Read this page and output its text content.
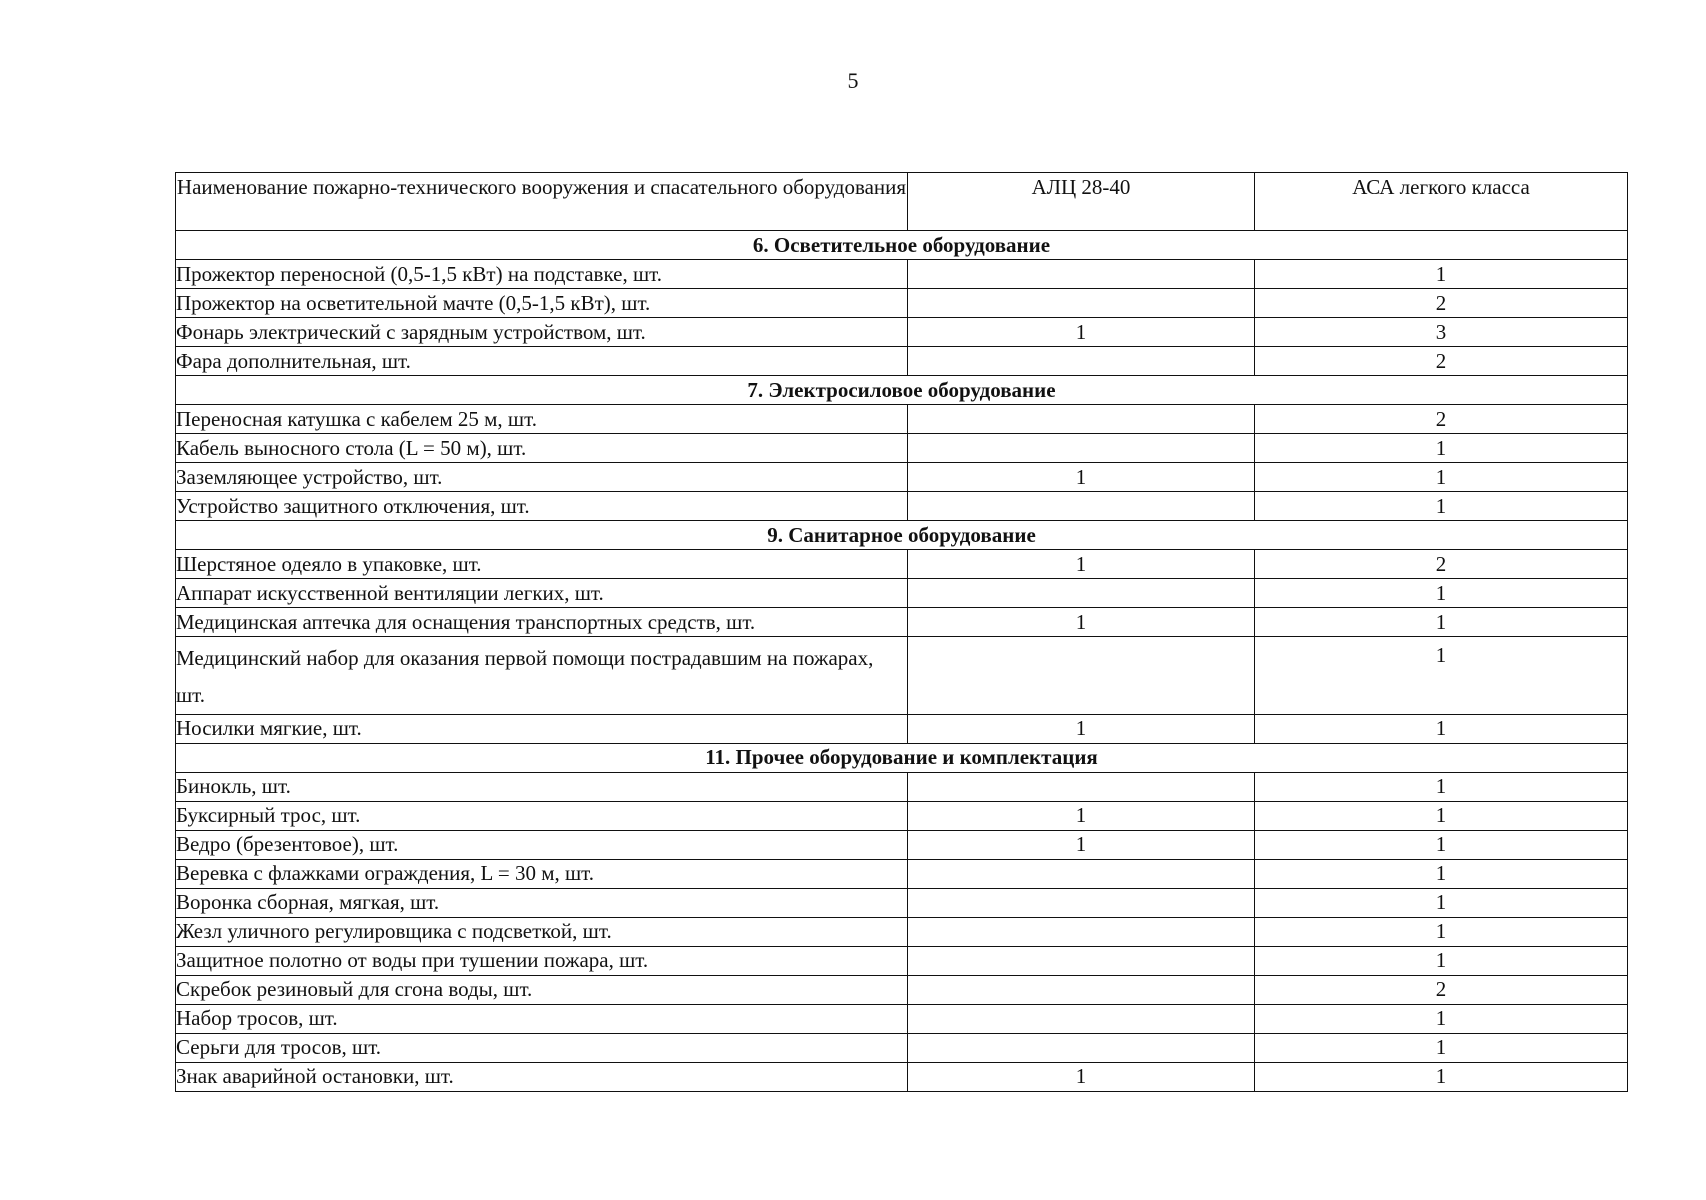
5
Наименование пожарно-технического вооружения и спасательного оборудования	АЛЦ 28-40	АСА легкого класса
6. Осветительное оборудование		
Прожектор переносной (0,5-1,5 кВт) на подставке, шт.		1
Прожектор на осветительной мачте (0,5-1,5 кВт), шт.		2
Фонарь электрический с зарядным устройством, шт.	1	3
Фара дополнительная, шт.		2
7. Электросиловое оборудование		
Переносная катушка с кабелем 25 м, шт.		2
Кабель выносного стола (L = 50 м), шт.		1
Заземляющее устройство, шт.	1	1
Устройство защитного отключения, шт.		1
9. Санитарное оборудование		
Шерстяное одеяло в упаковке, шт.	1	2
Аппарат искусственной вентиляции легких, шт.		1
Медицинская аптечка для оснащения транспортных средств, шт.	1	1
Медицинский набор для оказания первой помощи пострадавшим на пожарах, шт.		1
Носилки мягкие, шт.	1	1
11. Прочее оборудование и комплектация		
Бинокль, шт.		1
Буксирный трос, шт.	1	1
Ведро (брезентовое), шт.	1	1
Веревка с флажками ограждения, L = 30 м, шт.		1
Воронка сборная, мягкая, шт.		1
Жезл уличного регулировщика с подсветкой, шт.		1
Защитное полотно от воды при тушении пожара, шт.		1
Скребок резиновый для сгона воды, шт.		2
Набор тросов, шт.		1
Серьги для тросов, шт.		1
Знак аварийной остановки, шт.	1	1
